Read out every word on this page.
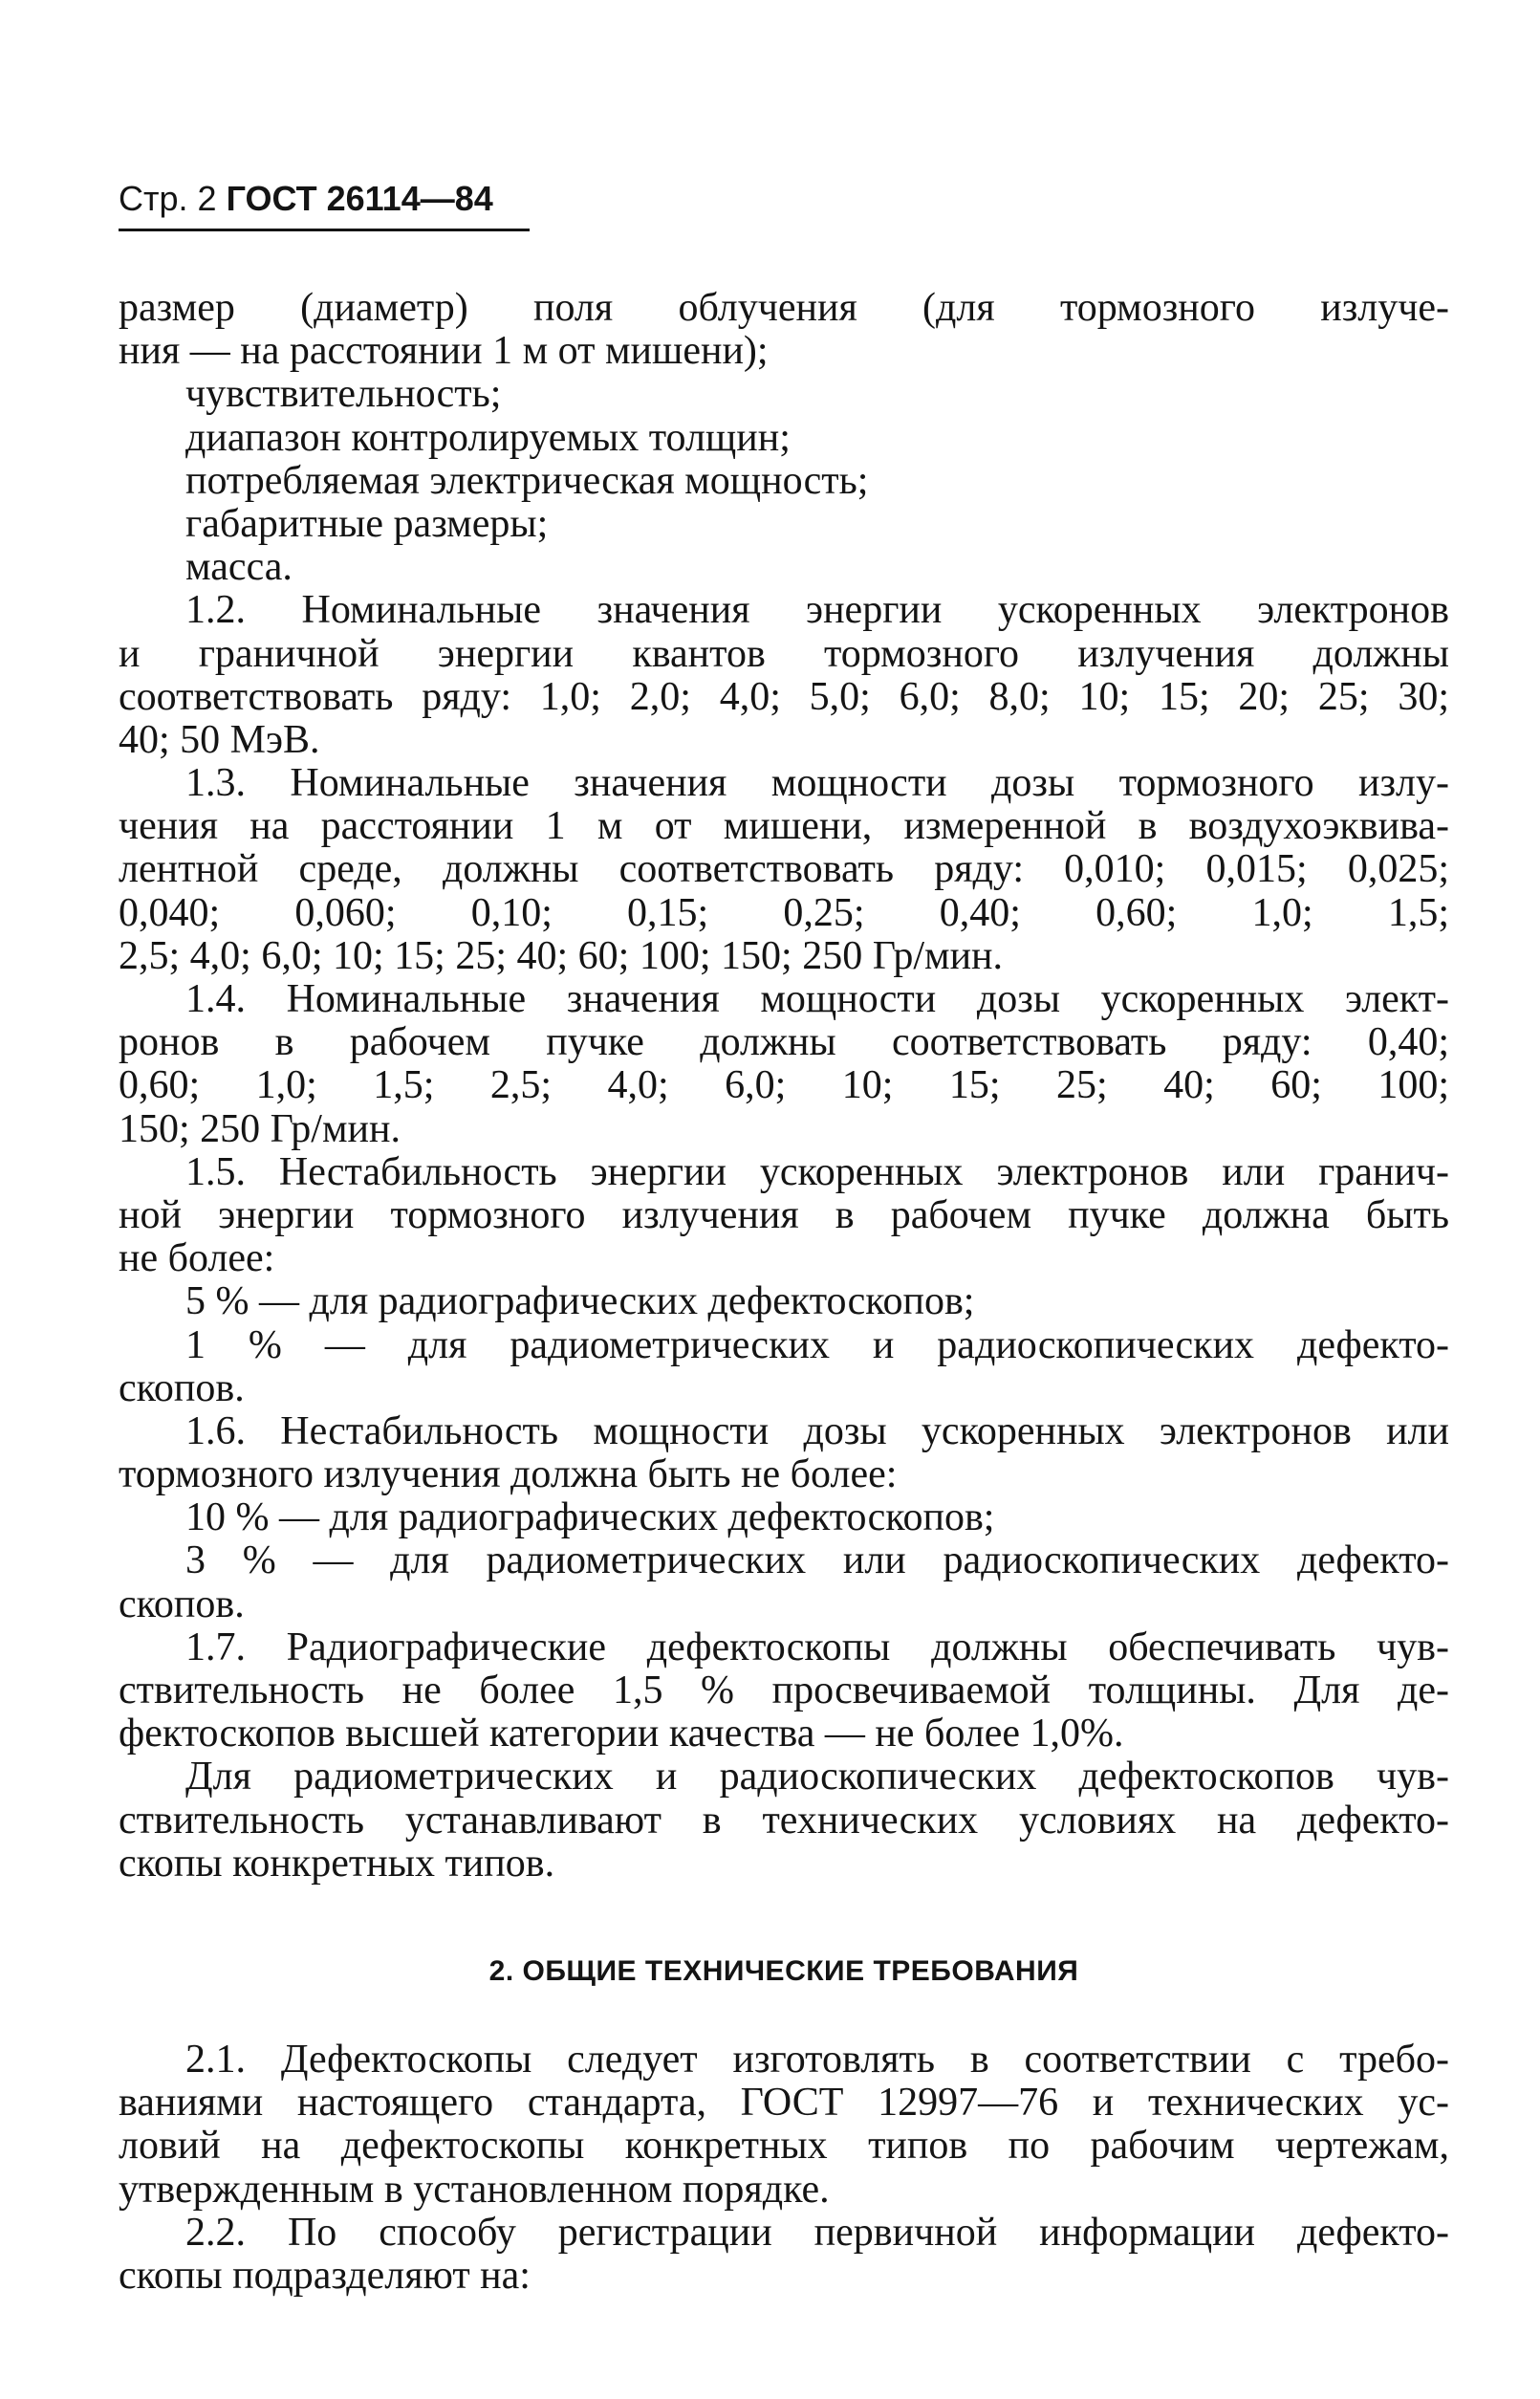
Стр. 2 ГОСТ 26114—84
размер (диаметр) поля облучения (для тормозного излуче-
ния — на расстоянии 1 м от мишени);
чувствительность;
диапазон контролируемых толщин;
потребляемая электрическая мощность;
габаритные размеры;
масса.
1.2. Номинальные значения энергии ускоренных электронов
и граничной энергии квантов тормозного излучения должны
соответствовать ряду: 1,0; 2,0; 4,0; 5,0; 6,0; 8,0; 10; 15; 20; 25; 30;
40; 50 МэВ.
1.3. Номинальные значения мощности дозы тормозного излу-
чения на расстоянии 1 м от мишени, измеренной в воздухоэквива-
лентной среде, должны соответствовать ряду: 0,010; 0,015; 0,025;
0,040; 0,060; 0,10; 0,15; 0,25; 0,40; 0,60; 1,0; 1,5;
2,5; 4,0; 6,0; 10; 15; 25; 40; 60; 100; 150; 250 Гр/мин.
1.4. Номинальные значения мощности дозы ускоренных элект-
ронов в рабочем пучке должны соответствовать ряду: 0,40;
0,60; 1,0; 1,5; 2,5; 4,0; 6,0; 10; 15; 25; 40; 60; 100;
150; 250 Гр/мин.
1.5. Нестабильность энергии ускоренных электронов или гранич-
ной энергии тормозного излучения в рабочем пучке должна быть
не более:
5 % — для радиографических дефектоскопов;
1 % — для радиометрических и радиоскопических дефекто-
скопов.
1.6. Нестабильность мощности дозы ускоренных электронов или
тормозного излучения должна быть не более:
10 % — для радиографических дефектоскопов;
3 % — для радиометрических или радиоскопических дефекто-
скопов.
1.7. Радиографические дефектоскопы должны обеспечивать чув-
ствительность не более 1,5 % просвечиваемой толщины. Для де-
фектоскопов высшей категории качества — не более 1,0%.
Для радиометрических и радиоскопических дефектоскопов чув-
ствительность устанавливают в технических условиях на дефекто-
скопы конкретных типов.
2. ОБЩИЕ ТЕХНИЧЕСКИЕ ТРЕБОВАНИЯ
2.1. Дефектоскопы следует изготовлять в соответствии с требо-
ваниями настоящего стандарта, ГОСТ 12997—76 и технических ус-
ловий на дефектоскопы конкретных типов по рабочим чертежам,
утвержденным в установленном порядке.
2.2. По способу регистрации первичной информации дефекто-
скопы подразделяют на:
